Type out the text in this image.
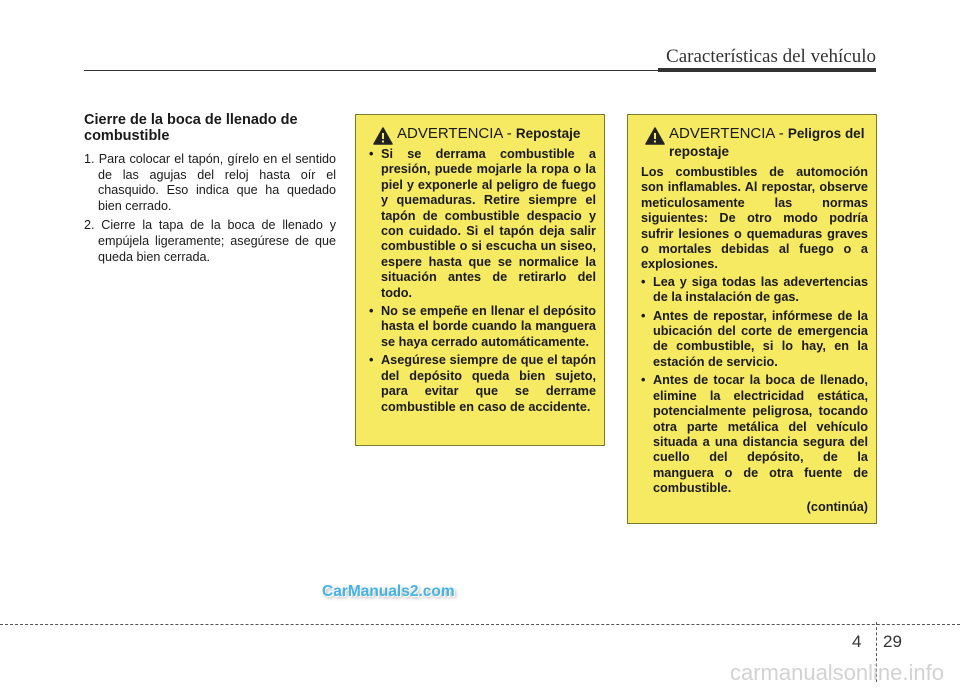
Características del vehículo
Cierre de la boca de llenado de combustible
1. Para colocar el tapón, gírelo en el sentido de las agujas del reloj hasta oír el chasquido. Eso indica que ha quedado bien cerrado.
2. Cierre la tapa de la boca de llenado y empújela ligeramente; asegúrese de que queda bien cerrada.
ADVERTENCIA - Repostaje
• Si se derrama combustible a presión, puede mojarle la ropa o la piel y exponerle al peligro de fuego y quemaduras. Retire siempre el tapón de combustible despacio y con cuidado. Si el tapón deja salir combustible o si escucha un siseo, espere hasta que se normalice la situación antes de retirarlo del todo.
• No se empeñe en llenar el depósito hasta el borde cuando la manguera se haya cerrado automáticamente.
• Asegúrese siempre de que el tapón del depósito queda bien sujeto, para evitar que se derrame combustible en caso de accidente.
ADVERTENCIA - Peligros del repostaje

Los combustibles de automoción son inflamables. Al repostar, observe meticulosamente las normas siguientes: De otro modo podría sufrir lesiones o quemaduras graves o mortales debidas al fuego o a explosiones.

• Lea y siga todas las adevertencias de la instalación de gas.
• Antes de repostar, infórmese de la ubicación del corte de emergencia de combustible, si lo hay, en la estación de servicio.
• Antes de tocar la boca de llenado, elimine la electricidad estática, potencialmente peligrosa, tocando otra parte metálica del vehículo situada a una distancia segura del cuello del depósito, de la manguera o de otra fuente de combustible.
(continúa)
CarManuals2.com
4 29
carmanualsonline.info
